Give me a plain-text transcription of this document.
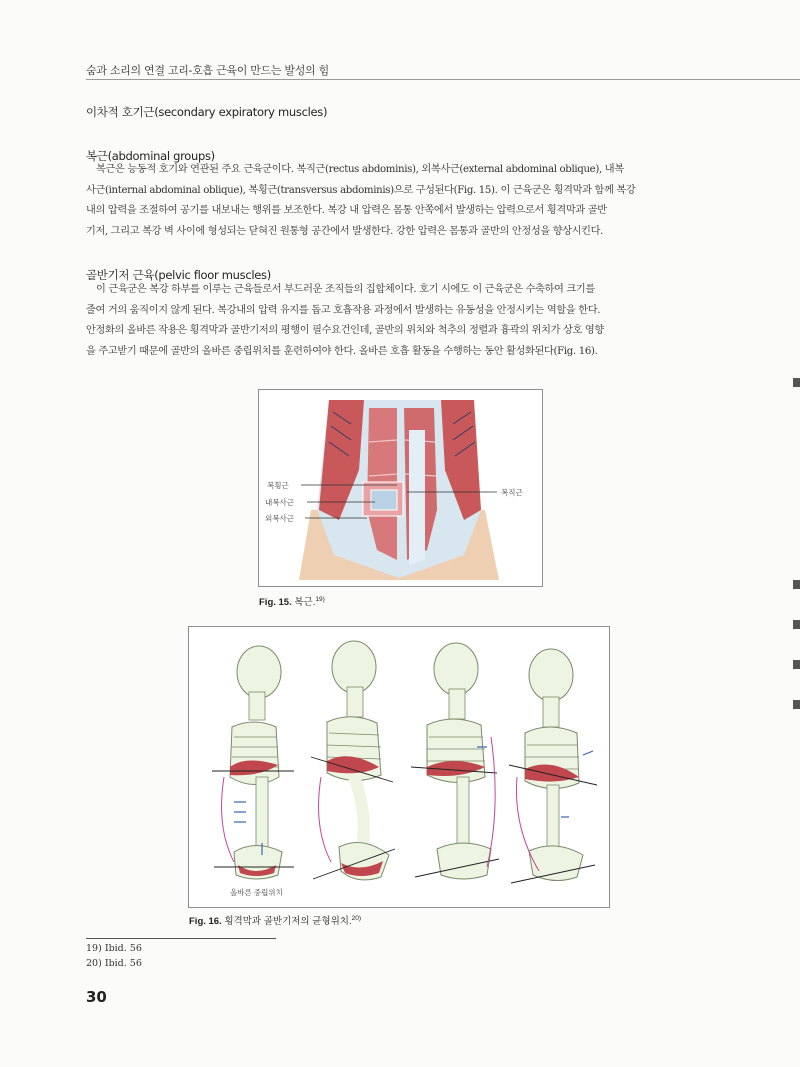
숨과 소리의 연결 고리-호흡 근육이 만드는 발성의 힘
이차적 호기근(secondary expiratory muscles)
복근(abdominal groups)
복근은 능동적 호기와 연관된 주요 근육군이다. 복직근(rectus abdominis), 외복사근(external abdominal oblique), 내복
사근(internal abdominal oblique), 복횡근(transversus abdominis)으로 구성된다(Fig. 15). 이 근육군은 횡격막과 함께 복강
내의 압력을 조절하여 공기를 내보내는 행위를 보조한다. 복강 내 압력은 몸통 안쪽에서 발생하는 압력으로서 횡격막과 골반
기저, 그리고 복강 벽 사이에 형성되는 닫혀진 원통형 공간에서 발생한다. 강한 압력은 몸통과 골반의 안정성을 향상시킨다.
골반기저 근육(pelvic floor muscles)
이 근육군은 복강 하부를 이루는 근육들로서 부드러운 조직들의 집합체이다. 호기 시에도 이 근육군은 수축하여 크기를
줄여 거의 움직이지 않게 된다. 복강내의 압력 유지를 돕고 호흡작용 과정에서 발생하는 유동성을 안정시키는 역할을 한다.
안정화의 올바른 작용은 횡격막과 골반기저의 평행이 필수요건인데, 골반의 위치와 척추의 정렬과 흉곽의 위치가 상호 영향
을 주고받기 때문에 골반의 올바른 중립위치를 훈련하여야 한다. 올바른 호흡 활동을 수행하는 동안 활성화된다(Fig. 16).
복횡근
내복사근
외복사근
복직근
Fig. 15. 복근.$^{19)}$
올바른 중립위치
Fig. 16. 횡격막과 골반기저의 균형위치.$^{20)}$
19) Ibid. 56
20) Ibid. 56
30
